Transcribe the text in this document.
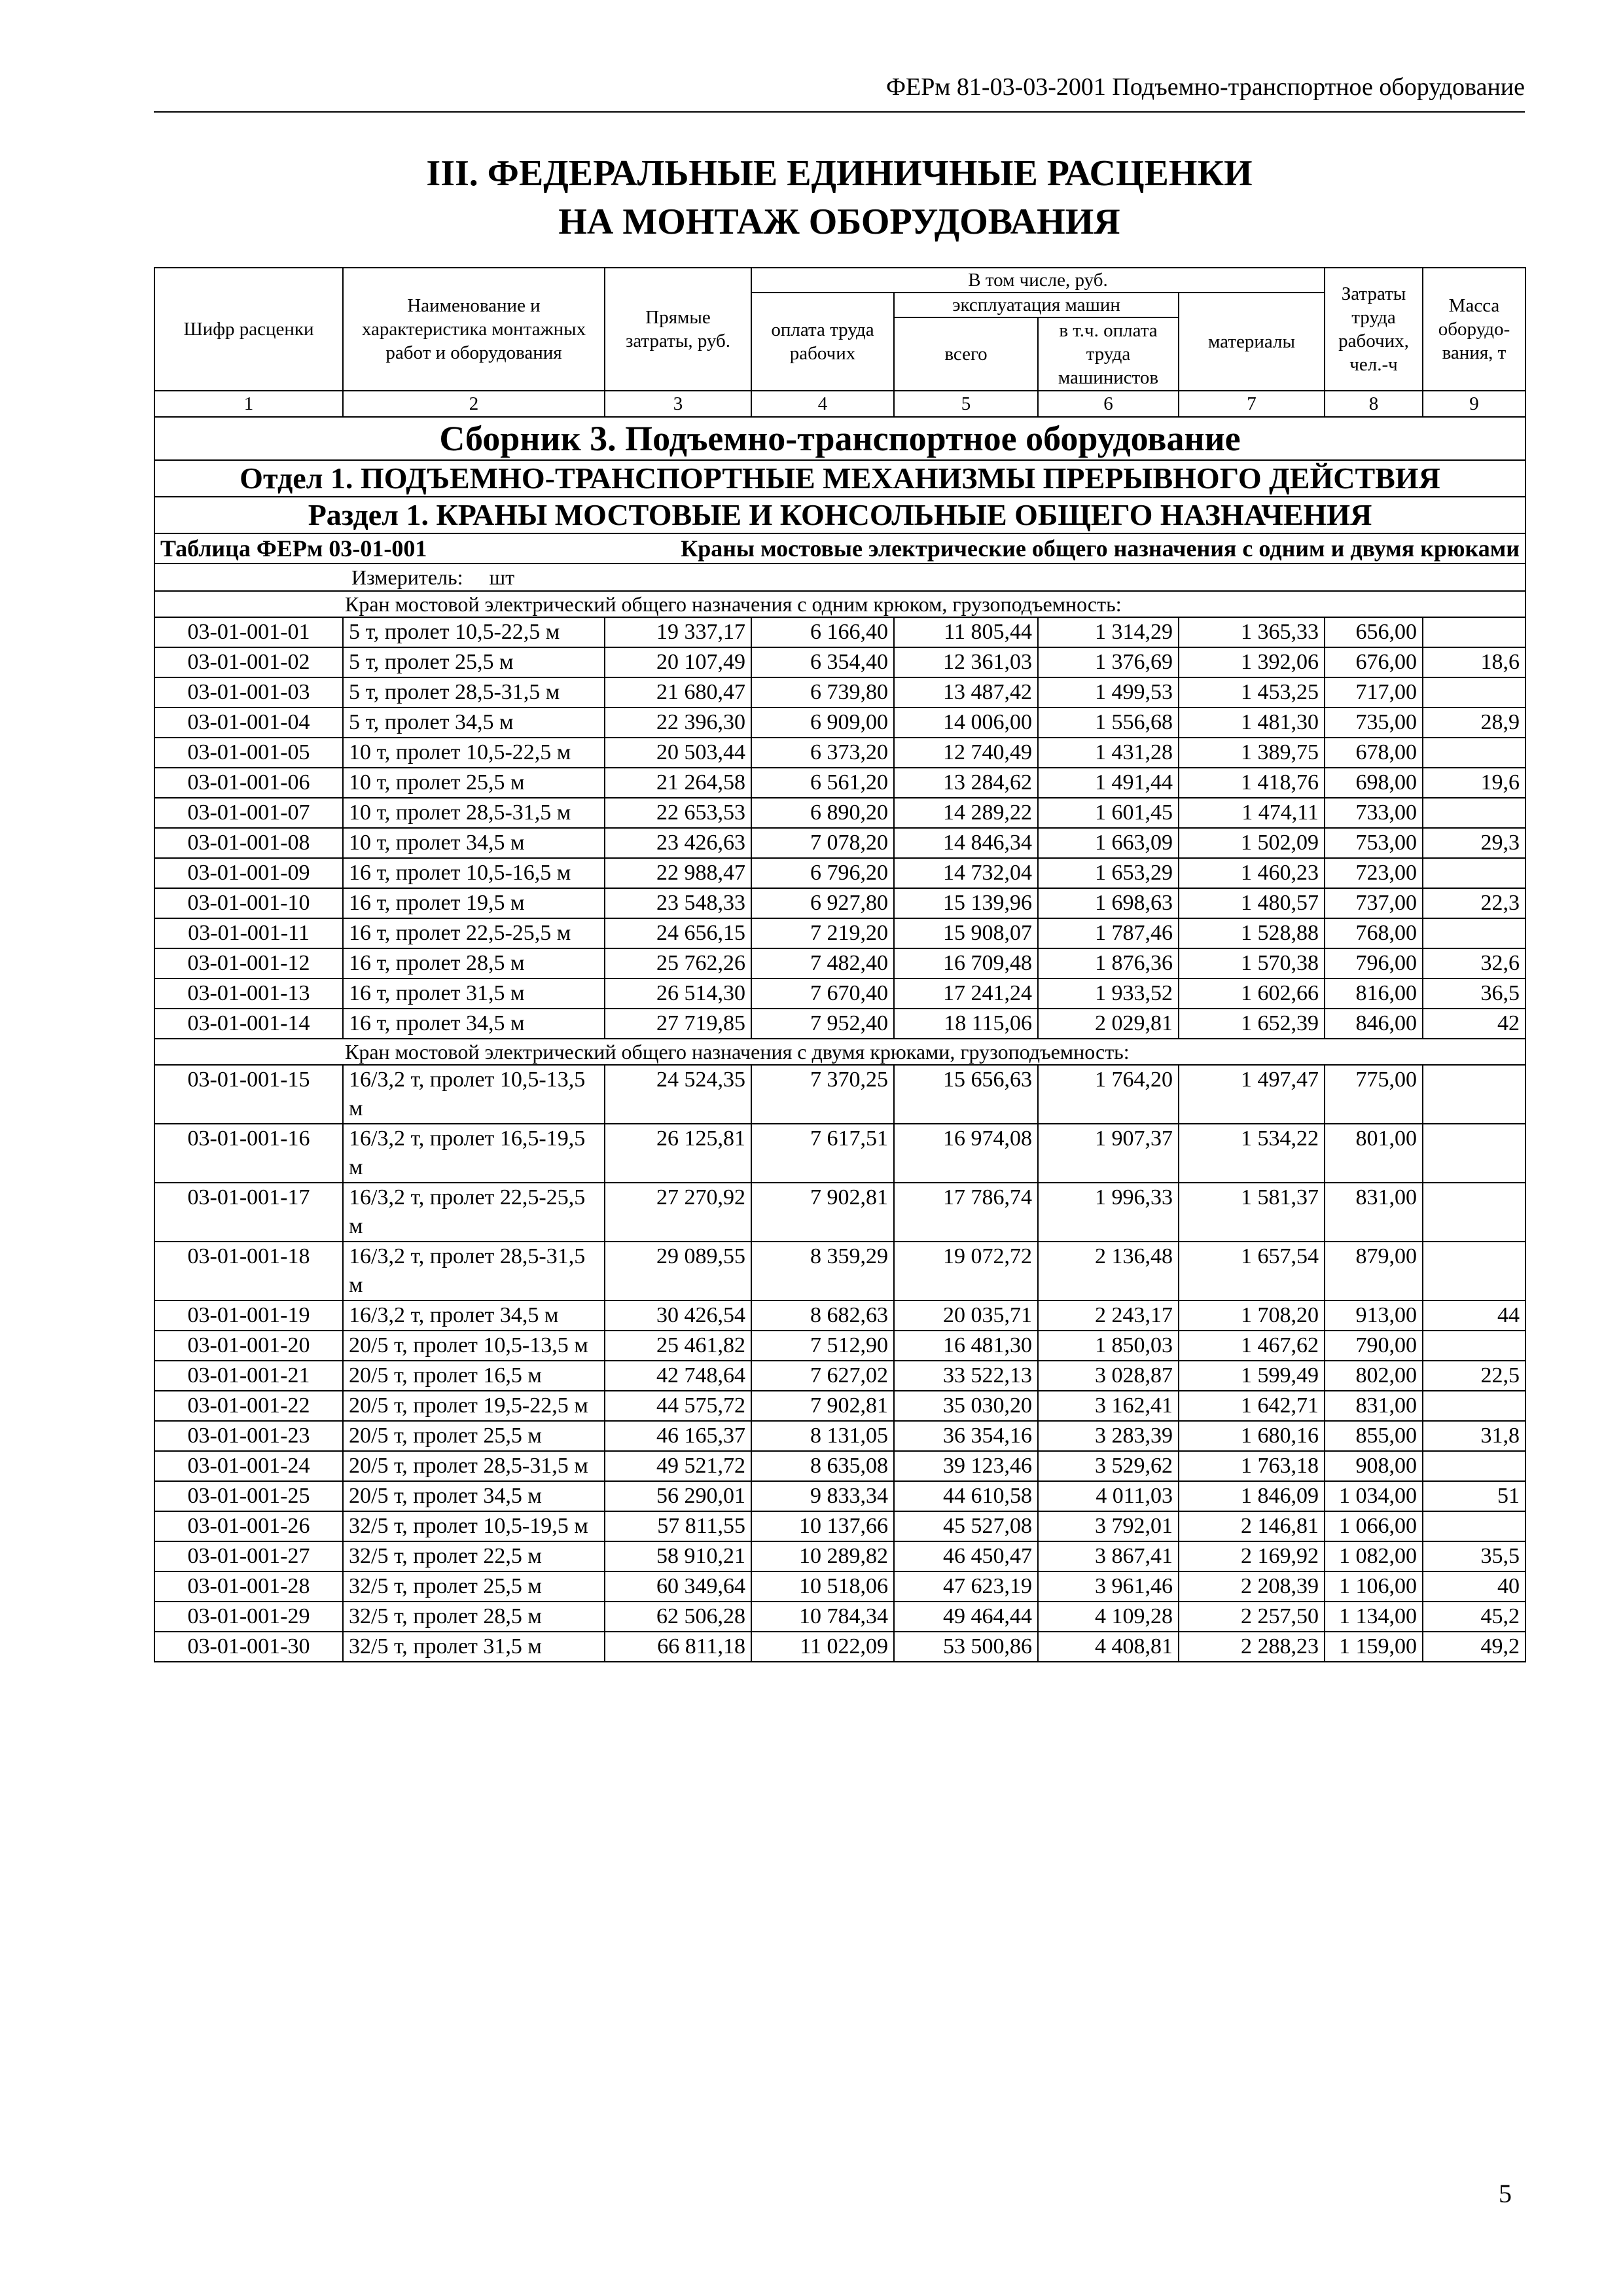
ФЕРм 81-03-03-2001 Подъемно-транспортное оборудование
III. ФЕДЕРАЛЬНЫЕ ЕДИНИЧНЫЕ РАСЦЕНКИ
НА МОНТАЖ ОБОРУДОВАНИЯ
Шифр расценки	Наименование и характеристика монтажных работ и оборудования	Прямые затраты, руб.	В том числе, руб.				Затраты труда рабочих, чел.-ч	Масса оборудо-вания, т
			оплата труда рабочих	эксплуатация машин		материалы		
				всего	в т.ч. оплата труда машинистов			
1	2	3	4	5	6	7	8	9
Сборник 3. Подъемно-транспортное оборудование								
Отдел 1. ПОДЪЕМНО-ТРАНСПОРТНЫЕ МЕХАНИЗМЫ ПРЕРЫВНОГО ДЕЙСТВИЯ								
Раздел 1. КРАНЫ МОСТОВЫЕ И КОНСОЛЬНЫЕ ОБЩЕГО НАЗНАЧЕНИЯ								
Таблица ФЕРм 03-01-001 Краны мостовые электрические общего назначения с одним и двумя крюками								

Измеритель: шт								
Кран мостовой электрический общего назначения с одним крюком, грузоподъемность:								
03-01-001-01	5 т, пролет 10,5-22,5 м	19 337,17	6 166,40	11 805,44	1 314,29	1 365,33	656,00	
03-01-001-02	5 т, пролет 25,5 м	20 107,49	6 354,40	12 361,03	1 376,69	1 392,06	676,00	18,6
03-01-001-03	5 т, пролет 28,5-31,5 м	21 680,47	6 739,80	13 487,42	1 499,53	1 453,25	717,00	
03-01-001-04	5 т, пролет 34,5 м	22 396,30	6 909,00	14 006,00	1 556,68	1 481,30	735,00	28,9
03-01-001-05	10 т, пролет 10,5-22,5 м	20 503,44	6 373,20	12 740,49	1 431,28	1 389,75	678,00	
03-01-001-06	10 т, пролет 25,5 м	21 264,58	6 561,20	13 284,62	1 491,44	1 418,76	698,00	19,6
03-01-001-07	10 т, пролет 28,5-31,5 м	22 653,53	6 890,20	14 289,22	1 601,45	1 474,11	733,00	
03-01-001-08	10 т, пролет 34,5 м	23 426,63	7 078,20	14 846,34	1 663,09	1 502,09	753,00	29,3
03-01-001-09	16 т, пролет 10,5-16,5 м	22 988,47	6 796,20	14 732,04	1 653,29	1 460,23	723,00	
03-01-001-10	16 т, пролет 19,5 м	23 548,33	6 927,80	15 139,96	1 698,63	1 480,57	737,00	22,3
03-01-001-11	16 т, пролет 22,5-25,5 м	24 656,15	7 219,20	15 908,07	1 787,46	1 528,88	768,00	
03-01-001-12	16 т, пролет 28,5 м	25 762,26	7 482,40	16 709,48	1 876,36	1 570,38	796,00	32,6
03-01-001-13	16 т, пролет 31,5 м	26 514,30	7 670,40	17 241,24	1 933,52	1 602,66	816,00	36,5
03-01-001-14	16 т, пролет 34,5 м	27 719,85	7 952,40	18 115,06	2 029,81	1 652,39	846,00	42
Кран мостовой электрический общего назначения с двумя крюками, грузоподъемность:								
03-01-001-15	16/3,2 т, пролет 10,5-13,5 м	24 524,35	7 370,25	15 656,63	1 764,20	1 497,47	775,00	
03-01-001-16	16/3,2 т, пролет 16,5-19,5 м	26 125,81	7 617,51	16 974,08	1 907,37	1 534,22	801,00	
03-01-001-17	16/3,2 т, пролет 22,5-25,5 м	27 270,92	7 902,81	17 786,74	1 996,33	1 581,37	831,00	
03-01-001-18	16/3,2 т, пролет 28,5-31,5 м	29 089,55	8 359,29	19 072,72	2 136,48	1 657,54	879,00	
03-01-001-19	16/3,2 т, пролет 34,5 м	30 426,54	8 682,63	20 035,71	2 243,17	1 708,20	913,00	44
03-01-001-20	20/5 т, пролет 10,5-13,5 м	25 461,82	7 512,90	16 481,30	1 850,03	1 467,62	790,00	
03-01-001-21	20/5 т, пролет 16,5 м	42 748,64	7 627,02	33 522,13	3 028,87	1 599,49	802,00	22,5
03-01-001-22	20/5 т, пролет 19,5-22,5 м	44 575,72	7 902,81	35 030,20	3 162,41	1 642,71	831,00	
03-01-001-23	20/5 т, пролет 25,5 м	46 165,37	8 131,05	36 354,16	3 283,39	1 680,16	855,00	31,8
03-01-001-24	20/5 т, пролет 28,5-31,5 м	49 521,72	8 635,08	39 123,46	3 529,62	1 763,18	908,00	
03-01-001-25	20/5 т, пролет 34,5 м	56 290,01	9 833,34	44 610,58	4 011,03	1 846,09	1 034,00	51
03-01-001-26	32/5 т, пролет 10,5-19,5 м	57 811,55	10 137,66	45 527,08	3 792,01	2 146,81	1 066,00	
03-01-001-27	32/5 т, пролет 22,5 м	58 910,21	10 289,82	46 450,47	3 867,41	2 169,92	1 082,00	35,5
03-01-001-28	32/5 т, пролет 25,5 м	60 349,64	10 518,06	47 623,19	3 961,46	2 208,39	1 106,00	40
03-01-001-29	32/5 т, пролет 28,5 м	62 506,28	10 784,34	49 464,44	4 109,28	2 257,50	1 134,00	45,2
03-01-001-30	32/5 т, пролет 31,5 м	66 811,18	11 022,09	53 500,86	4 408,81	2 288,23	1 159,00	49,2
5
